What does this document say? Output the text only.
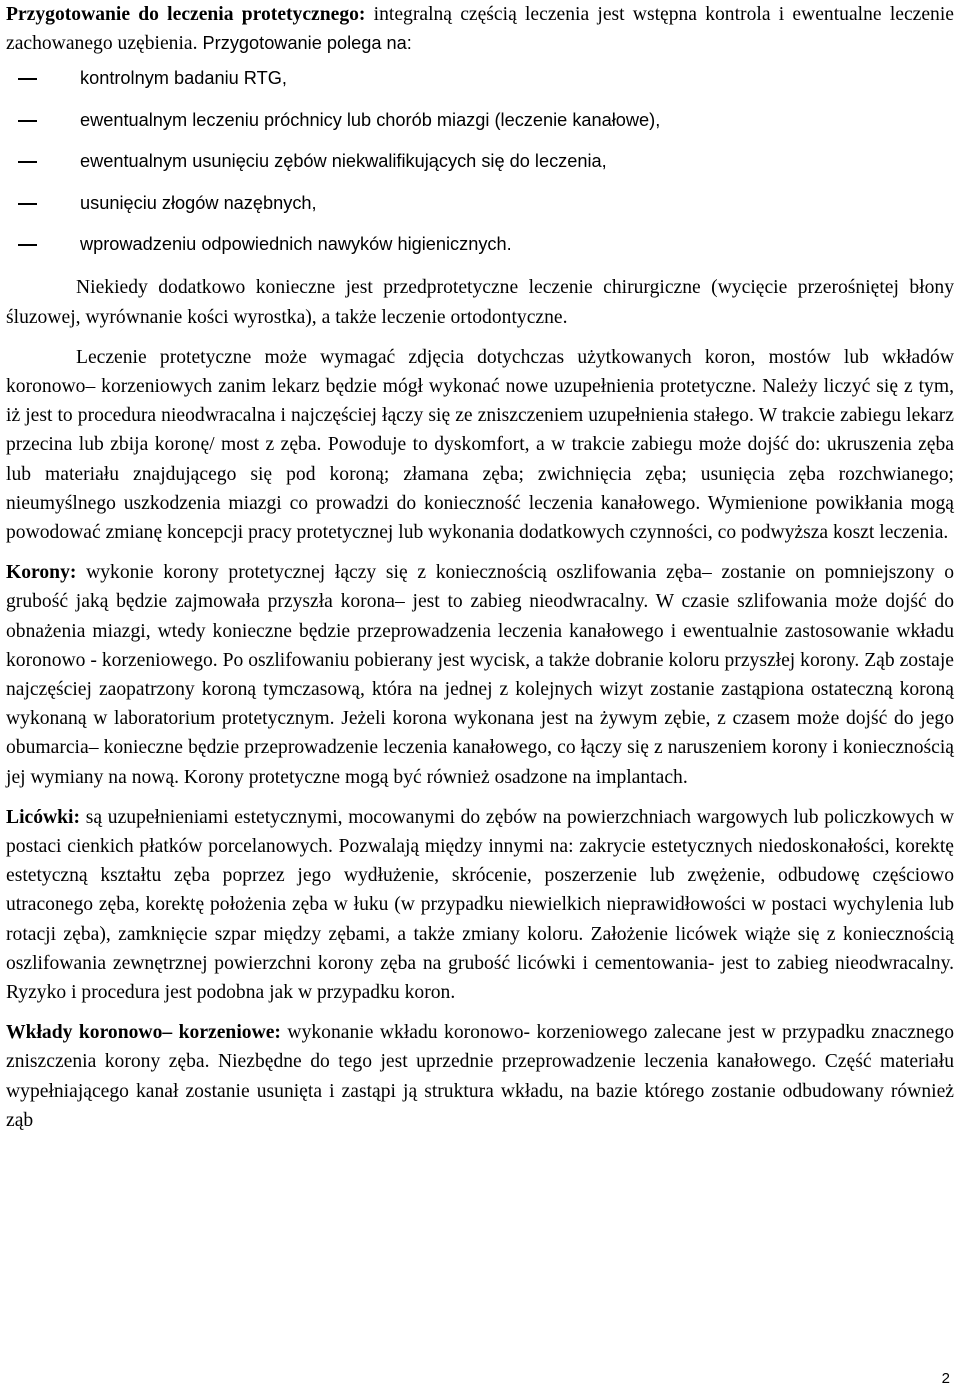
Przygotowanie do leczenia protetycznego: integralną częścią leczenia jest wstępna kontrola i ewentualne leczenie zachowanego uzębienia. Przygotowanie polega na:

kontrolnym badaniu RTG,
ewentualnym leczeniu próchnicy lub chorób miazgi (leczenie kanałowe),
ewentualnym usunięciu zębów niekwalifikujących się do leczenia,
usunięciu złogów nazębnych,
wprowadzeniu odpowiednich nawyków higienicznych.

Niekiedy dodatkowo konieczne jest przedprotetyczne leczenie chirurgiczne (wycięcie przerośniętej błony śluzowej, wyrównanie kości wyrostka), a także leczenie ortodontyczne.

Leczenie protetyczne może wymagać zdjęcia dotychczas użytkowanych koron, mostów lub wkładów koronowo– korzeniowych zanim lekarz będzie mógł wykonać nowe uzupełnienia protetyczne. Należy liczyć się z tym, iż jest to procedura nieodwracalna i najczęściej łączy się ze zniszczeniem uzupełnienia stałego. W trakcie zabiegu lekarz przecina lub zbija koronę/ most z zęba. Powoduje to dyskomfort, a w trakcie zabiegu może dojść do: ukruszenia zęba lub materiału znajdującego się pod koroną; złamana zęba; zwichnięcia zęba; usunięcia zęba rozchwianego; nieumyślnego uszkodzenia miazgi co prowadzi do konieczność leczenia kanałowego. Wymienione powikłania mogą powodować zmianę koncepcji pracy protetycznej lub wykonania dodatkowych czynności, co podwyższa koszt leczenia.

Korony: wykonie korony protetycznej łączy się z koniecznością oszlifowania zęba– zostanie on pomniejszony o grubość jaką będzie zajmowała przyszła korona– jest to zabieg nieodwracalny. W czasie szlifowania może dojść do obnażenia miazgi, wtedy konieczne będzie przeprowadzenia leczenia kanałowego i ewentualnie zastosowanie wkładu koronowo - korzeniowego. Po oszlifowaniu pobierany jest wycisk, a także dobranie koloru przyszłej korony. Ząb zostaje najczęściej zaopatrzony koroną tymczasową, która na jednej z kolejnych wizyt zostanie zastąpiona ostateczną koroną wykonaną w laboratorium protetycznym. Jeżeli korona wykonana jest na żywym zębie, z czasem może dojść do jego obumarcia– konieczne będzie przeprowadzenie leczenia kanałowego, co łączy się z naruszeniem korony i koniecznością jej wymiany na nową. Korony protetyczne mogą być również osadzone na implantach.

Licówki: są uzupełnieniami estetycznymi, mocowanymi do zębów na powierzchniach wargowych lub policzkowych w postaci cienkich płatków porcelanowych. Pozwalają między innymi na: zakrycie estetycznych niedoskonałości, korektę estetyczną kształtu zęba poprzez jego wydłużenie, skrócenie, poszerzenie lub zwężenie, odbudowę częściowo utraconego zęba, korektę położenia zęba w łuku (w przypadku niewielkich nieprawidłowości w postaci wychylenia lub rotacji zęba), zamknięcie szpar między zębami, a także zmiany koloru. Założenie licówek wiąże się z koniecznością oszlifowania zewnętrznej powierzchni korony zęba na grubość licówki i cementowania- jest to zabieg nieodwracalny. Ryzyko i procedura jest podobna jak w przypadku koron.

Wkłady koronowo– korzeniowe: wykonanie wkładu koronowo- korzeniowego zalecane jest w przypadku znacznego zniszczenia korony zęba. Niezbędne do tego jest uprzednie przeprowadzenie leczenia kanałowego. Część materiału wypełniającego kanał zostanie usunięta i zastąpi ją struktura wkładu, na bazie którego zostanie odbudowany również ząb

2
